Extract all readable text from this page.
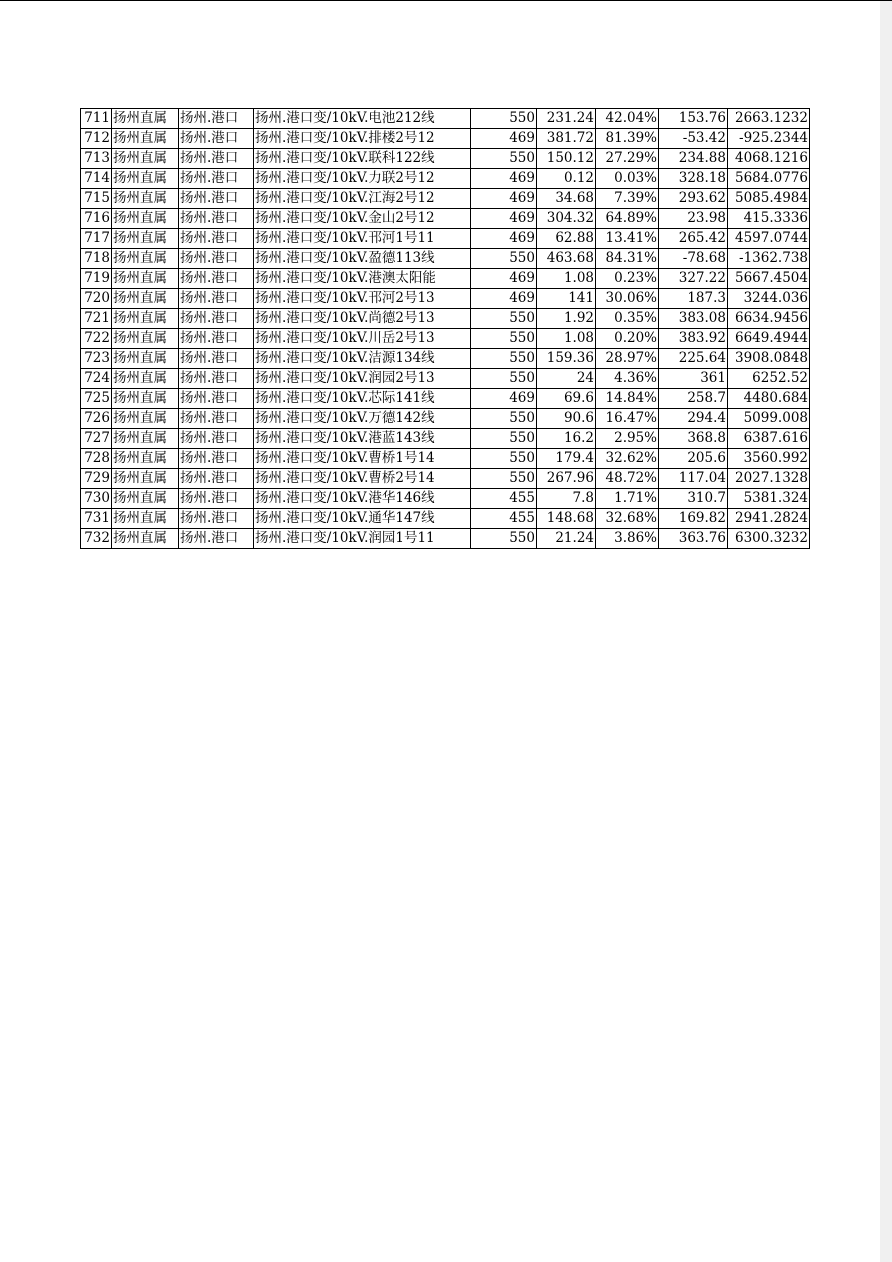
711	扬州直属	扬州.港口	扬州.港口变/10kV.电池212线	550	231.24	42.04%	153.76	2663.1232
712	扬州直属	扬州.港口	扬州.港口变/10kV.排楼2号12	469	381.72	81.39%	-53.42	-925.2344
713	扬州直属	扬州.港口	扬州.港口变/10kV.联科122线	550	150.12	27.29%	234.88	4068.1216
714	扬州直属	扬州.港口	扬州.港口变/10kV.力联2号12	469	0.12	0.03%	328.18	5684.0776
715	扬州直属	扬州.港口	扬州.港口变/10kV.江海2号12	469	34.68	7.39%	293.62	5085.4984
716	扬州直属	扬州.港口	扬州.港口变/10kV.金山2号12	469	304.32	64.89%	23.98	415.3336
717	扬州直属	扬州.港口	扬州.港口变/10kV.邗河1号11	469	62.88	13.41%	265.42	4597.0744
718	扬州直属	扬州.港口	扬州.港口变/10kV.盈德113线	550	463.68	84.31%	-78.68	-1362.738
719	扬州直属	扬州.港口	扬州.港口变/10kV.港澳太阳能	469	1.08	0.23%	327.22	5667.4504
720	扬州直属	扬州.港口	扬州.港口变/10kV.邗河2号13	469	141	30.06%	187.3	3244.036
721	扬州直属	扬州.港口	扬州.港口变/10kV.尚德2号13	550	1.92	0.35%	383.08	6634.9456
722	扬州直属	扬州.港口	扬州.港口变/10kV.川岳2号13	550	1.08	0.20%	383.92	6649.4944
723	扬州直属	扬州.港口	扬州.港口变/10kV.洁源134线	550	159.36	28.97%	225.64	3908.0848
724	扬州直属	扬州.港口	扬州.港口变/10kV.润园2号13	550	24	4.36%	361	6252.52
725	扬州直属	扬州.港口	扬州.港口变/10kV.芯际141线	469	69.6	14.84%	258.7	4480.684
726	扬州直属	扬州.港口	扬州.港口变/10kV.万德142线	550	90.6	16.47%	294.4	5099.008
727	扬州直属	扬州.港口	扬州.港口变/10kV.港蓝143线	550	16.2	2.95%	368.8	6387.616
728	扬州直属	扬州.港口	扬州.港口变/10kV.曹桥1号14	550	179.4	32.62%	205.6	3560.992
729	扬州直属	扬州.港口	扬州.港口变/10kV.曹桥2号14	550	267.96	48.72%	117.04	2027.1328
730	扬州直属	扬州.港口	扬州.港口变/10kV.港华146线	455	7.8	1.71%	310.7	5381.324
731	扬州直属	扬州.港口	扬州.港口变/10kV.通华147线	455	148.68	32.68%	169.82	2941.2824
732	扬州直属	扬州.港口	扬州.港口变/10kV.润园1号11	550	21.24	3.86%	363.76	6300.3232
